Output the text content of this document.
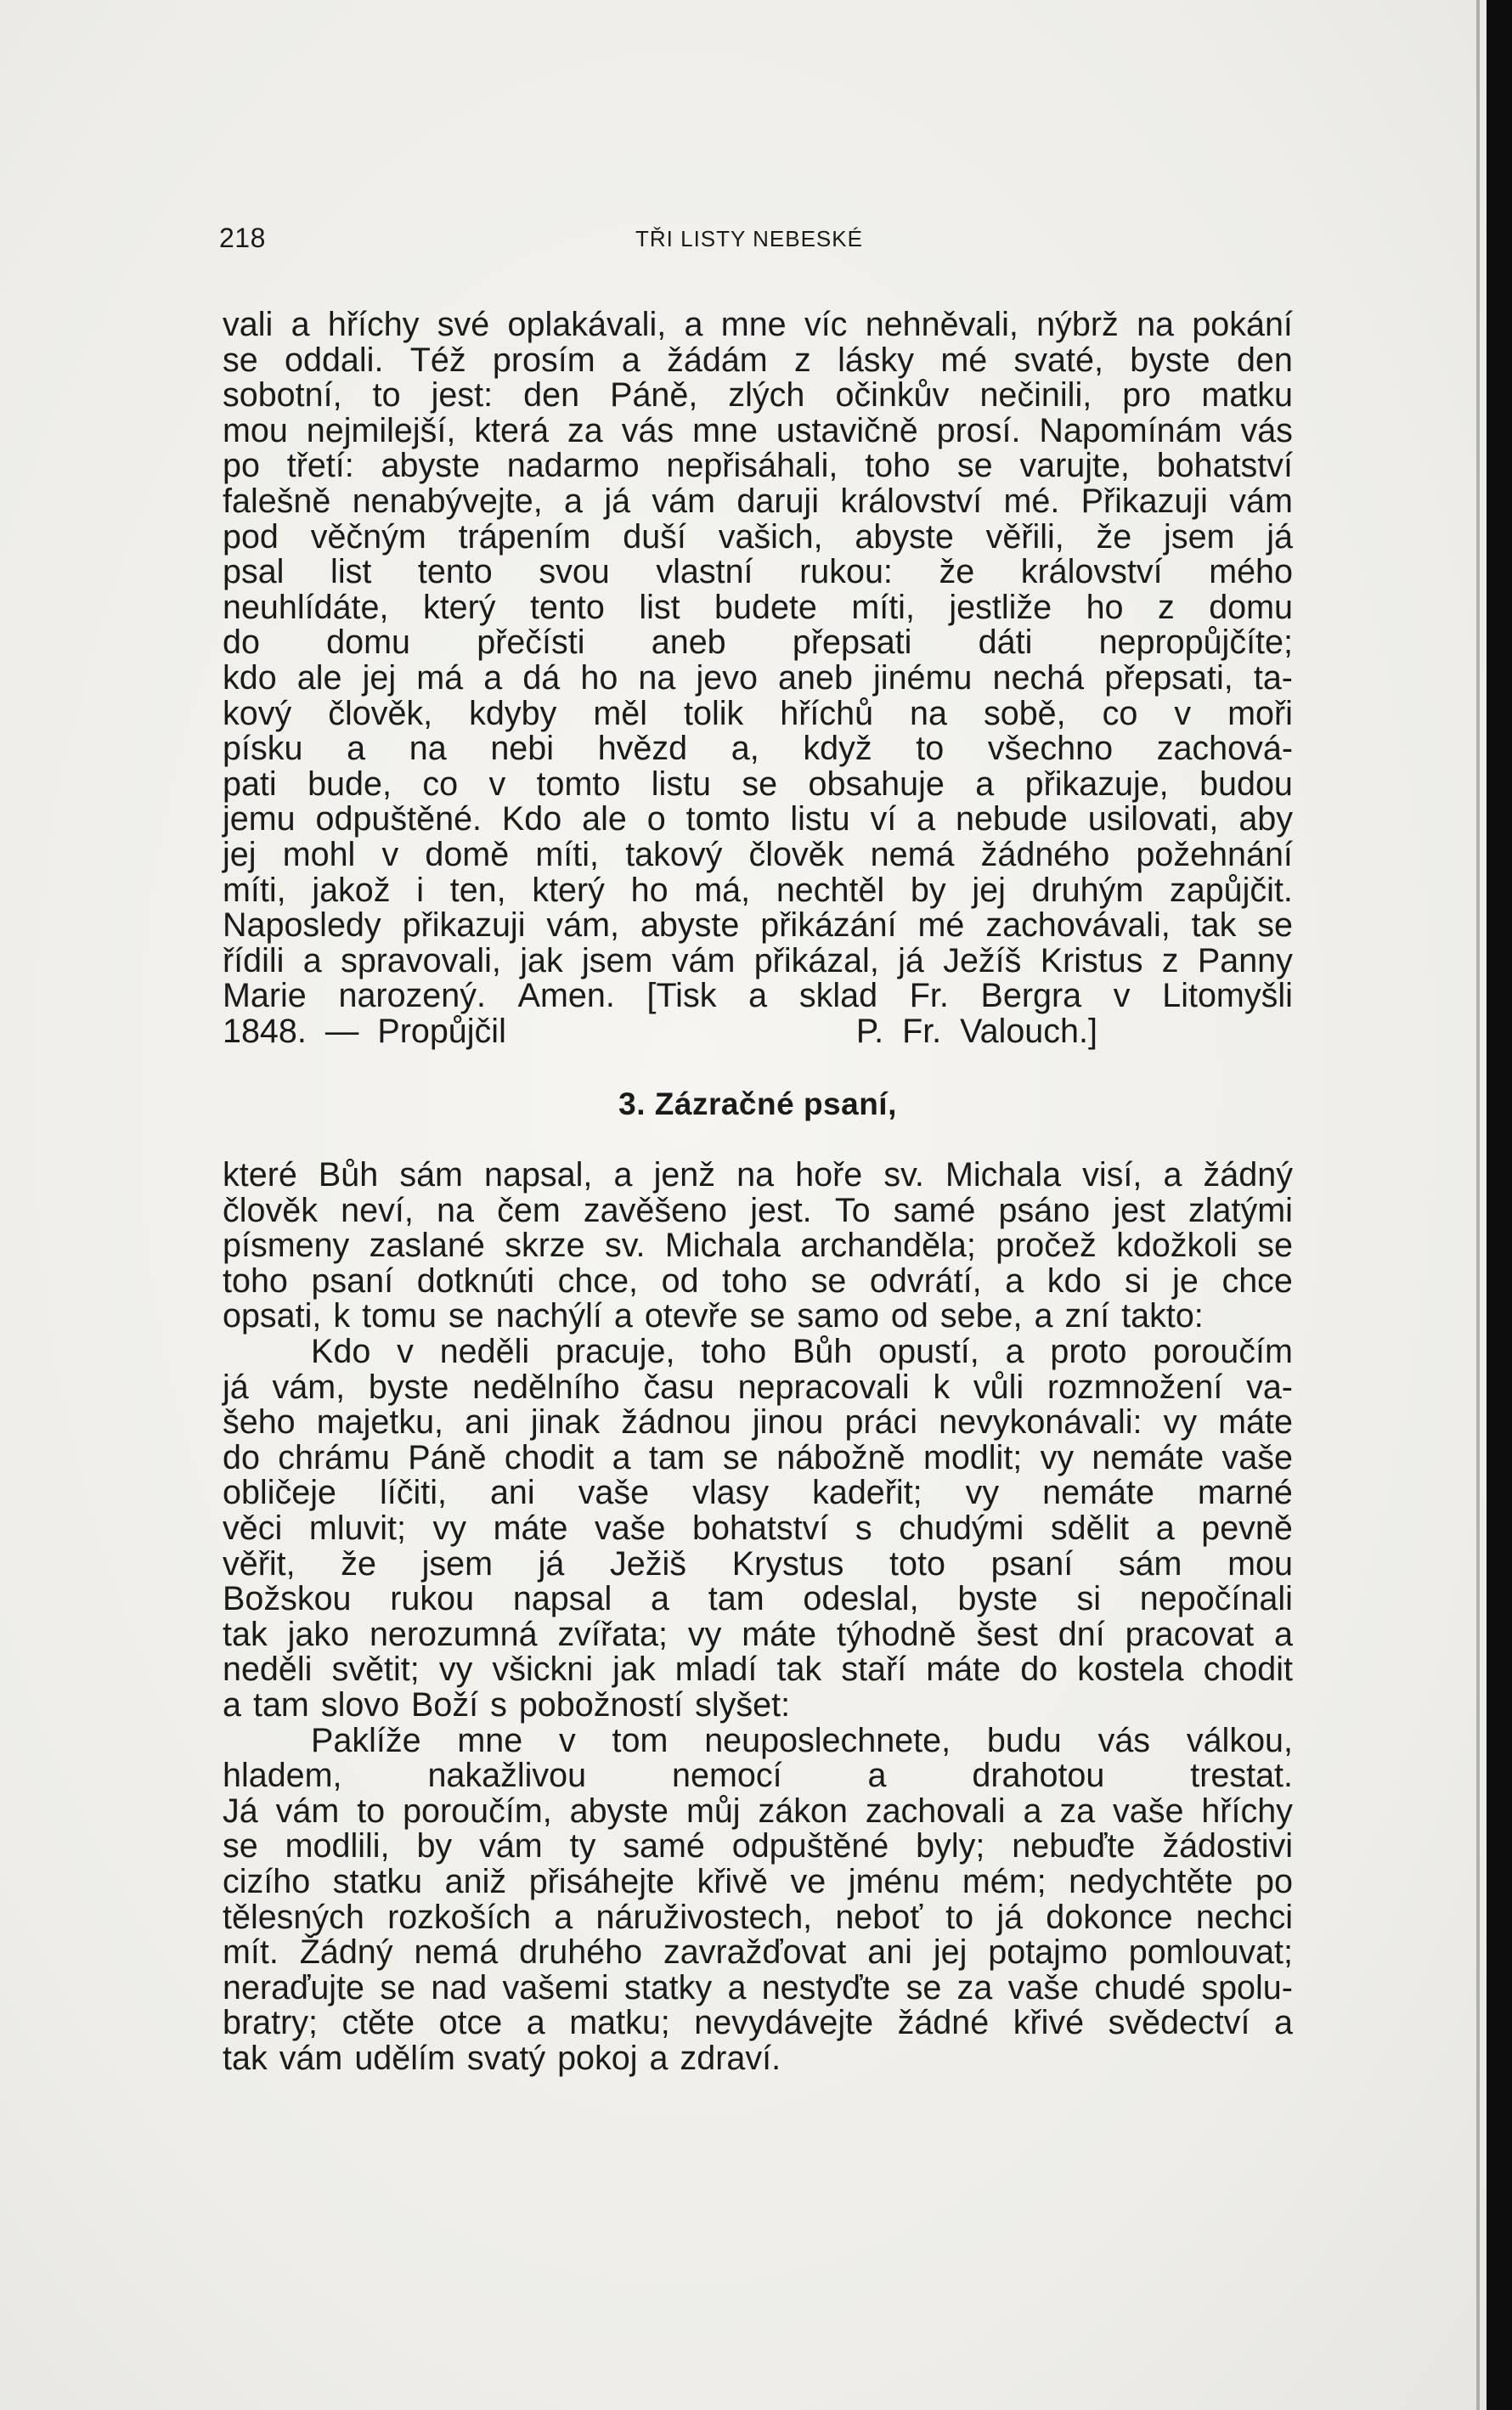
218	TŘI LISTY NEBESKÉ
vali a hříchy své oplakávali, a mne víc nehněvali, nýbrž na pokání
se oddali. Též prosím a žádám z lásky mé svaté, byste den
sobotní, to jest: den Páně, zlých očinkův nečinili, pro matku
mou nejmilejší, která za vás mne ustavičně prosí. Napomínám vás
po třetí: abyste nadarmo nepřisáhali, toho se varujte, bohatství
falešně nenabývejte, a já vám daruji království mé. Přikazuji vám
pod věčným trápením duší vašich, abyste věřili, že jsem já
psal list tento svou vlastní rukou: že království mého
neuhlídáte, který tento list budete míti, jestliže ho z domu
do domu přečísti aneb přepsati dáti nepropůjčíte;
kdo ale jej má a dá ho na jevo aneb jinému nechá přepsati, ta-
kový člověk, kdyby měl tolik hříchů na sobě, co v moři
písku a na nebi hvězd a, když to všechno zachová-
pati bude, co v tomto listu se obsahuje a přikazuje, budou
jemu odpuštěné. Kdo ale o tomto listu ví a nebude usilovati, aby
jej mohl v domě míti, takový člověk nemá žádného požehnání
míti, jakož i ten, který ho má, nechtěl by jej druhým zapůjčit.
Naposledy přikazuji vám, abyste přikázání mé zachovávali, tak se
řídili a spravovali, jak jsem vám přikázal, já Ježíš Kristus z Panny
Marie narozený. Amen. [Tisk a sklad Fr. Bergra v Litomyšli
1848. — Propůjčil	P. Fr. Valouch.]
3. Zázračné psaní,
které Bůh sám napsal, a jenž na hoře sv. Michala visí, a žádný
člověk neví, na čem zavěšeno jest. To samé psáno jest zlatými
písmeny zaslané skrze sv. Michala archanděla; pročež kdožkoli se
toho psaní dotknúti chce, od toho se odvrátí, a kdo si je chce
opsati, k tomu se nachýlí a otevře se samo od sebe, a zní takto:
Kdo v neděli pracuje, toho Bůh opustí, a proto poroučím
já vám, byste nedělního času nepracovali k vůli rozmnožení va-
šeho majetku, ani jinak žádnou jinou práci nevykonávali: vy máte
do chrámu Páně chodit a tam se nábožně modlit; vy nemáte vaše
obličeje líčiti, ani vaše vlasy kadeřit; vy nemáte marné
věci mluvit; vy máte vaše bohatství s chudými sdělit a pevně
věřit, že jsem já Ježiš Krystus toto psaní sám mou
Božskou rukou napsal a tam odeslal, byste si nepočínali
tak jako nerozumná zvířata; vy máte týhodně šest dní pracovat a
neděli světit; vy všickni jak mladí tak staří máte do kostela chodit
a tam slovo Boží s pobožností slyšet:
Paklíže mne v tom neuposlechnete, budu vás válkou,
hladem,	nakažlivou	nemocí	a	drahotou	trestat.
Já vám to poroučím, abyste můj zákon zachovali a za vaše hříchy
se modlili, by vám ty samé odpuštěné byly; nebuďte žádostivi
cizího statku aniž přisáhejte křivě ve jménu mém; nedychtěte po
tělesných rozkoších a náruživostech, neboť to já dokonce nechci
mít. Žádný nemá druhého zavražďovat ani jej potajmo pomlouvat;
neraďujte se nad vašemi statky a nestyďte se za vaše chudé spolu-
bratry; ctěte otce a matku; nevydávejte žádné křivé svědectví a
tak vám udělím svatý pokoj a zdraví.
